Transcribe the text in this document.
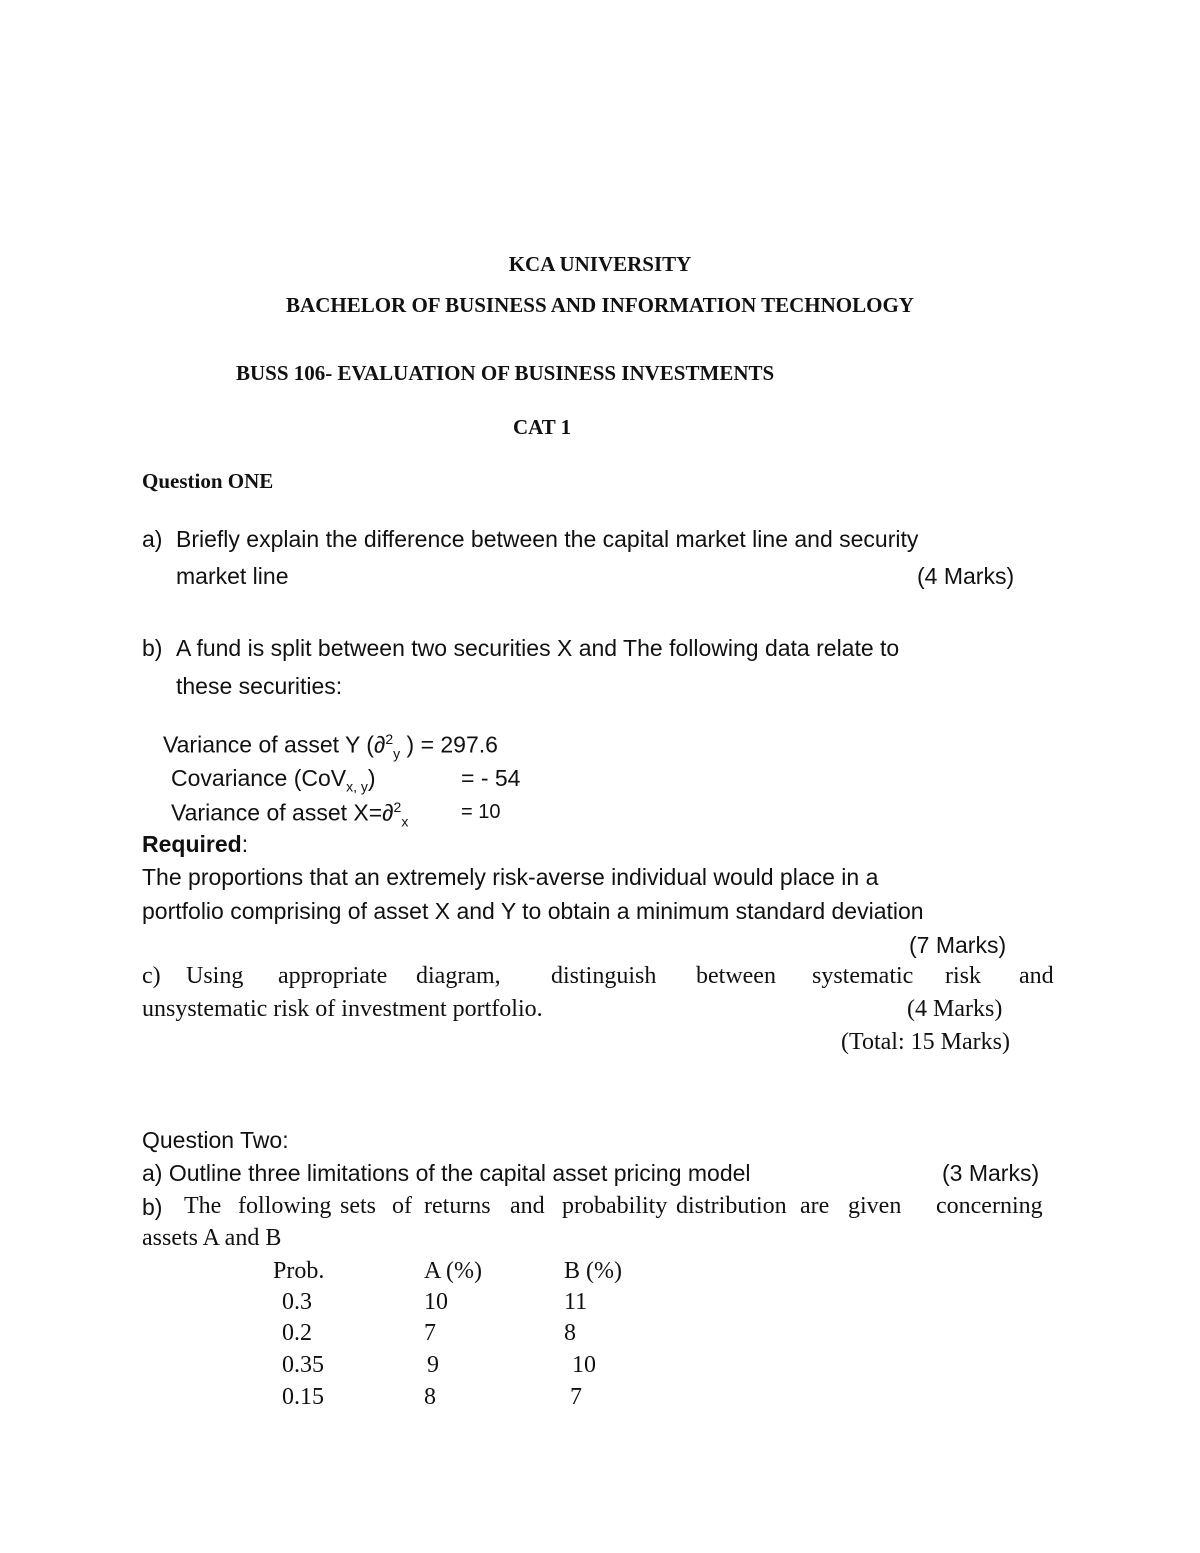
KCA UNIVERSITY
BACHELOR OF BUSINESS AND INFORMATION TECHNOLOGY
BUSS 106- EVALUATION OF BUSINESS INVESTMENTS
CAT 1
Question ONE
a) Briefly explain the difference between the capital market line and security
market line	(4 Marks)
b) A fund is split between two securities X and The following data relate to
these securities:
Variance of asset Y (∂$^2_y$ ) = 297.6
Covariance (CoV$_{x, y}$)	= - 54
Variance of asset X=∂$^2_x$	= 10
Required:
The proportions that an extremely risk-averse individual would place in a
portfolio comprising of asset X and Y to obtain a minimum standard deviation
(7 Marks)
c) Using appropriate diagram, distinguish between systematic risk and
unsystematic risk of investment portfolio.	(4 Marks)
(Total: 15 Marks)
Question Two:
a) Outline three limitations of the capital asset pricing model	(3 Marks)
b) The following sets of returns and probability distribution are given concerning
assets A and B
Prob.	A (%)	B (%)
0.3	10	11
0.2	7	8
0.35	9	10
0.15	8	7
